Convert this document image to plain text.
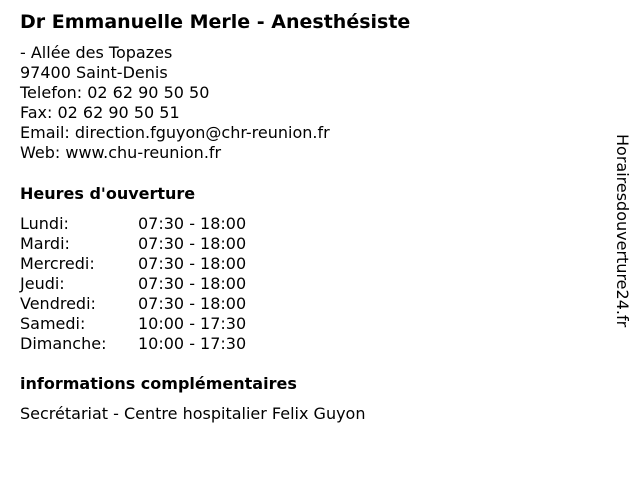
Dr Emmanuelle Merle - Anesthésiste
- Allée des Topazes
97400 Saint-Denis
Telefon: 02 62 90 50 50
Fax: 02 62 90 50 51
Email: direction.fguyon@chr-reunion.fr
Web: www.chu-reunion.fr
Heures d'ouverture
Lundi:	07:30 - 18:00
Mardi:	07:30 - 18:00
Mercredi:	07:30 - 18:00
Jeudi:	07:30 - 18:00
Vendredi:	07:30 - 18:00
Samedi:	10:00 - 17:30
Dimanche: 10:00 - 17:30
informations complémentaires
Secrétariat - Centre hospitalier Felix Guyon
Horairesdouverture24.fr
